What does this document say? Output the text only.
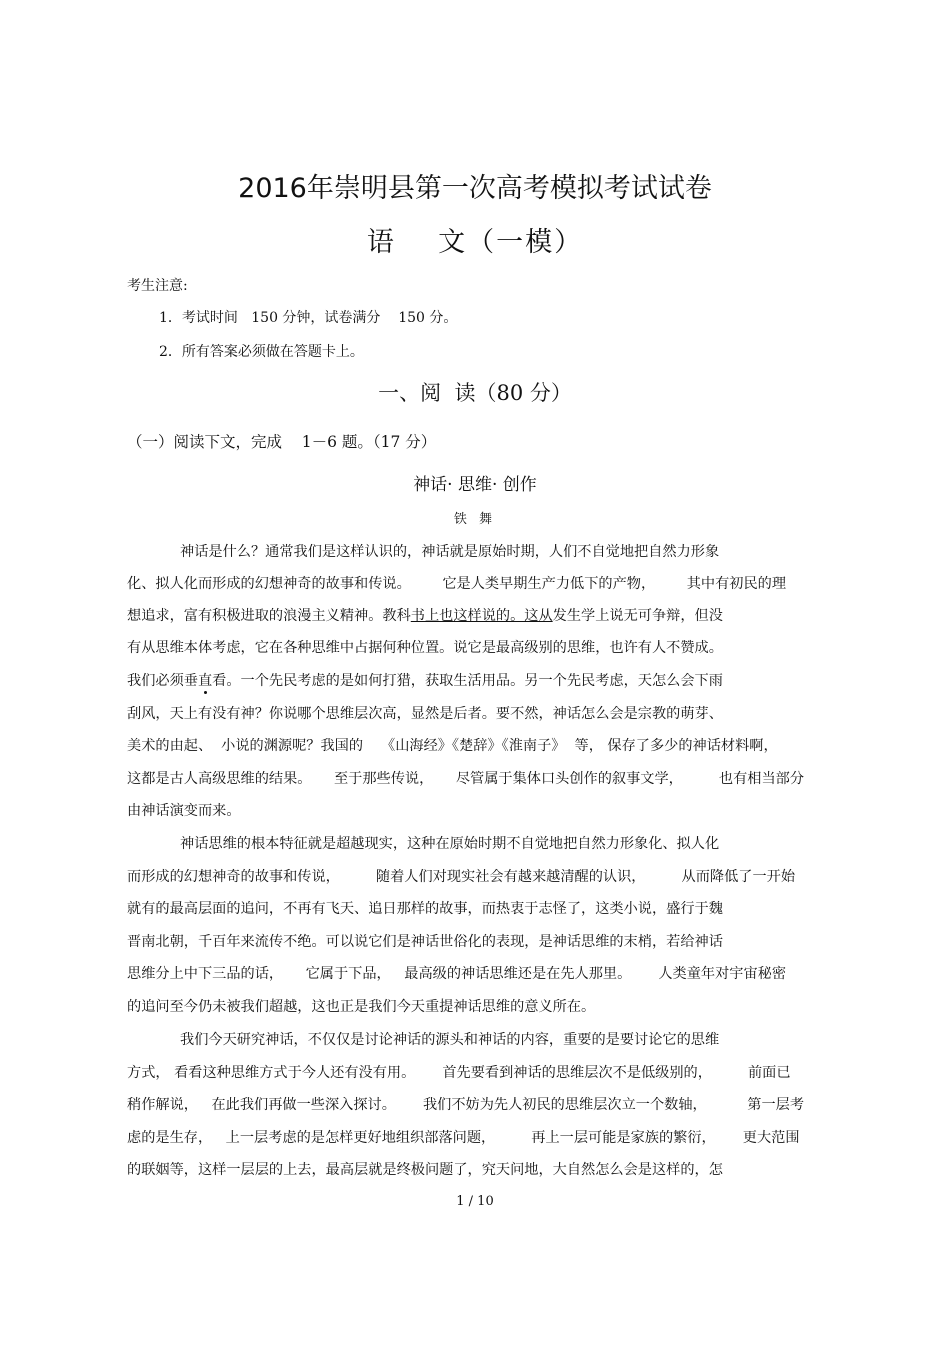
2016年崇明县第一次高考模拟考试试卷
语    文（一模）
考生注意:
1．考试时间   150 分钟，试卷满分    150 分。
2．所有答案必须做在答题卡上。
一、阅  读（80 分）
（一）阅读下文，完成    1－6 题。（17 分）
神话· 思维· 创作
铁 舞
神话是什么？通常我们是这样认识的，神话就是原始时期，人们不自觉地把自然力形象
化、拟人化而形成的幻想神奇的故事和传说。       它是人类早期生产力低下的产物，       其中有初民的理
想追求，富有积极进取的浪漫主义精神。教科书上也这样说的。这从发生学上说无可争辩，但没
有从思维本体考虑，它在各种思维中占据何种位置。说它是最高级别的思维，也许有人不赞成。
我们必须垂直看。一个先民考虑的是如何打猎，获取生活用品。另一个先民考虑，天怎么会下雨
刮风，天上有没有神？你说哪个思维层次高，显然是后者。要不然，神话怎么会是宗教的萌芽、
美术的由起、  小说的渊源呢？我国的    《山海经》《楚辞》《淮南子》  等， 保存了多少的神话材料啊，
这都是古人高级思维的结果。     至于那些传说，     尽管属于集体口头创作的叙事文学，        也有相当部分
由神话演变而来。
神话思维的根本特征就是超越现实，这种在原始时期不自觉地把自然力形象化、拟人化
而形成的幻想神奇的故事和传说，        随着人们对现实社会有越来越清醒的认识，        从而降低了一开始
就有的最高层面的追问，不再有飞天、追日那样的故事，而热衷于志怪了，这类小说，盛行于魏
晋南北朝，千百年来流传不绝。可以说它们是神话世俗化的表现，是神话思维的末梢，若给神话
思维分上中下三品的话，     它属于下品，   最高级的神话思维还是在先人那里。      人类童年对宇宙秘密
的追问至今仍未被我们超越，这也正是我们今天重提神话思维的意义所在。
我们今天研究神话，不仅仅是讨论神话的源头和神话的内容，重要的是要讨论它的思维
方式， 看看这种思维方式于今人还有没有用。      首先要看到神话的思维层次不是低级别的，        前面已
稍作解说，   在此我们再做一些深入探讨。      我们不妨为先人初民的思维层次立一个数轴，         第一层考
虑的是生存，   上一层考虑的是怎样更好地组织部落问题，        再上一层可能是家族的繁衍，      更大范围
的联姻等，这样一层层的上去，最高层就是终极问题了，究天问地，大自然怎么会是这样的，怎
1 / 10
